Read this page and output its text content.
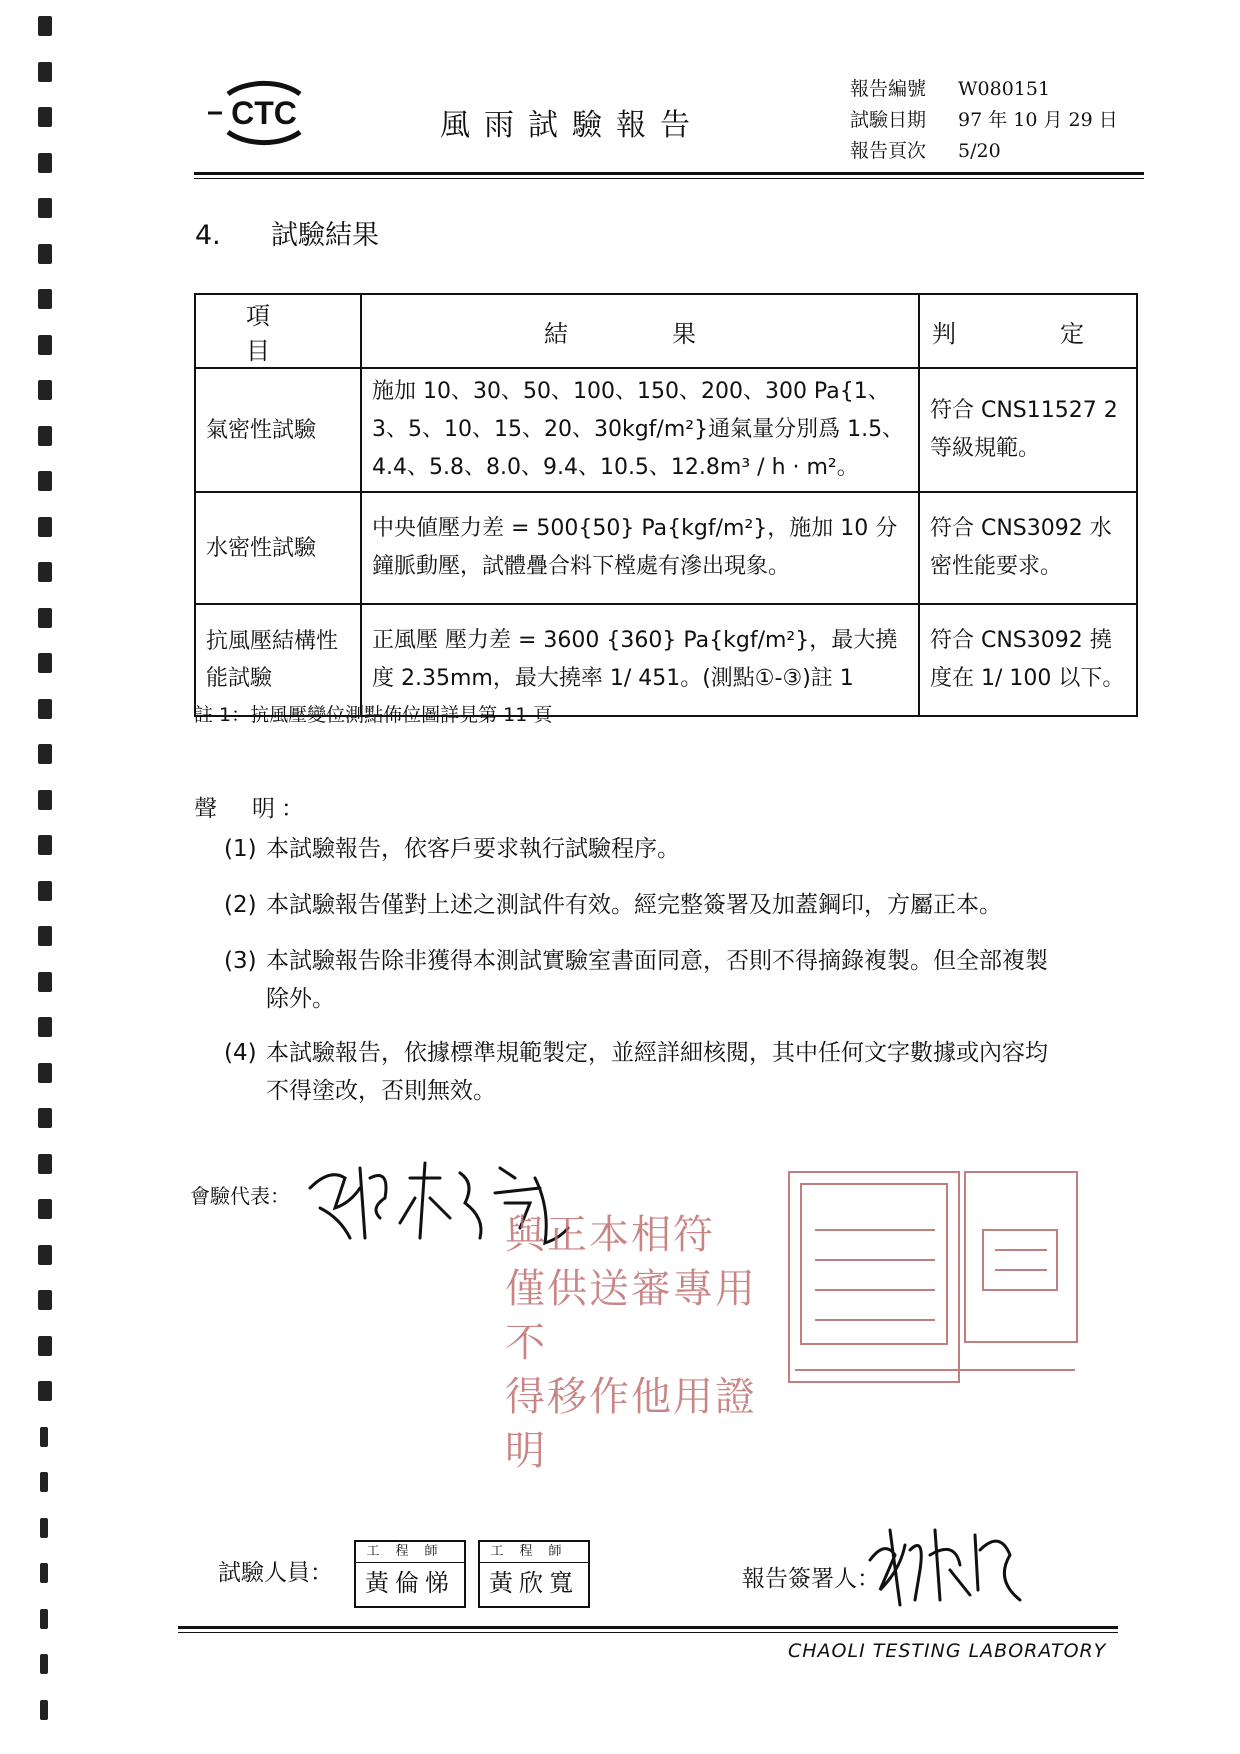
CTC	風雨試驗報告
報告編號 W080151
試驗日期 97 年 10 月 29 日
報告頁次 5/20
4. 試驗結果
項　目	結　果	判　定
氣密性試驗	施加 10、30、50、100、150、200、300 Pa{1、3、5、10、15、20、30kgf/m²}通氣量分別爲 1.5、4.4、5.8、8.0、9.4、10.5、12.8m³ / h · m²。	符合 CNS11527 2 等級規範。
水密性試驗	中央値壓力差 = 500{50} Pa{kgf/m²}，施加 10 分鐘脈動壓，試體疊合料下樘處有滲出現象。	符合 CNS3092 水密性能要求。
抗風壓結構性能試驗	正風壓 壓力差 = 3600 {360} Pa{kgf/m²}，最大撓度 2.35mm，最大撓率 1/ 451。(測點①-③)註 1	符合 CNS3092 撓度在 1/ 100 以下。
註 1：抗風壓變位測點佈位圖詳見第 11 頁
聲　明：
(1) 本試驗報告，依客戶要求執行試驗程序。
(2) 本試驗報告僅對上述之測試件有效。經完整簽署及加蓋鋼印，方屬正本。
(3) 本試驗報告除非獲得本測試實驗室書面同意，否則不得摘錄複製。但全部複製
除外。
(4) 本試驗報告，依據標準規範製定，並經詳細核閱，其中任何文字數據或內容均
不得塗改，否則無效。
會驗代表：
與正本相符
僅供送審專用不
得移作他用證明
試驗人員：
工程師
黃倫悌
工程師
黃欣寬	報告簽署人：
CHAOLI TESTING LABORATORY
